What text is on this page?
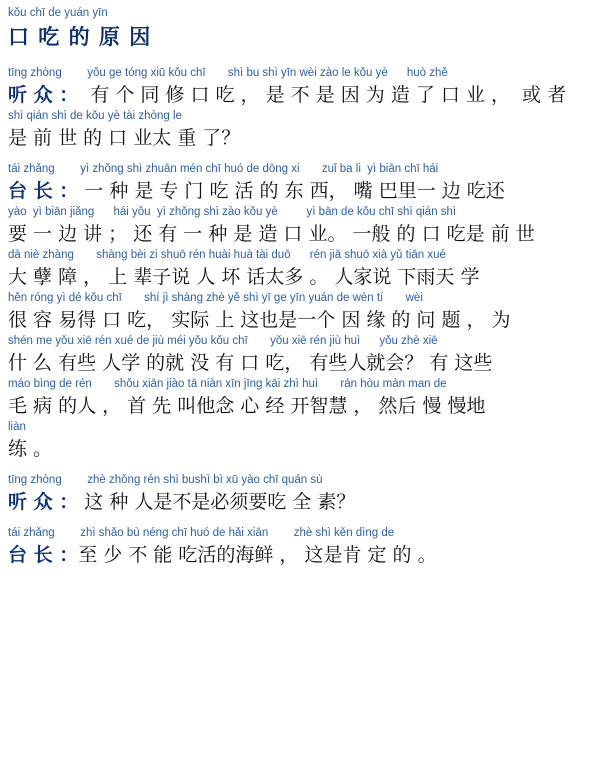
kǒu chī de yuán yīn
口 吃 的 原 因
tīng zhòng        yǒu ge tóng xiū kǒu chī       shì bu shì yīn wèi zào le kǒu yè      huò zhě
听 众 ：  有 个 同 修 口 吃 ， 是 不 是 因 为 造 了 口 业 ，  或 者
shì qián shì de kǒu yè tài zhòng le
是 前 世 的 口 业太 重 了？
tái zhǎng        yì zhǒng shì zhuān mén chī huó de dōng xi       zuǐ ba li  yì biān chī hái
台 长 ： 一 种 是 专 门 吃 活 的 东 西， 嘴 巴里一 边 吃还
yào  yì biān jiǎng      hái yǒu  yì zhǒng shì zào kǒu yè         yì bān de kǒu chī shì qián shì
要 一 边 讲 ； 还 有 一 种 是 造 口 业。 一般 的 口 吃是 前 世
dà niè zhàng       shàng bèi zi shuō rén huài huà tài duō      rén jiā shuō xià yǔ tiān xué
大 孽 障 ， 上 辈子说 人 坏 话太多 。 人家说 下雨天 学
hěn róng yì dé kǒu chī       shí jì shàng zhè yě shì yī ge yīn yuán de wèn tí       wèi
很 容 易得 口 吃， 实际 上 这也是一个 因 缘 的 问 题 ， 为
shén me yǒu xiē rén xué de jiù méi yǒu kǒu chī       yǒu xiē rén jiù huì      yǒu zhè xiē
什 么 有些 人学 的就 没 有 口 吃， 有些人就会？ 有 这些
máo bìng de rén       shǒu xiān jiào tā niàn xīn jīng kāi zhì huì       rán hòu màn man de
毛 病 的人 ， 首 先 叫他念 心 经 开智慧 ， 然后 慢 慢地
liàn
练 。
tīng zhòng        zhè zhǒng rén shì bushì bì xū yào chī quán sù
听 众 ： 这 种 人是不是必须要吃 全 素？
tái zhǎng        zhì shǎo bù néng chī huó de hǎi xiān        zhè shì kěn dìng de
台 长 ：至 少 不 能 吃活的海鲜 ， 这是肯 定 的 。
